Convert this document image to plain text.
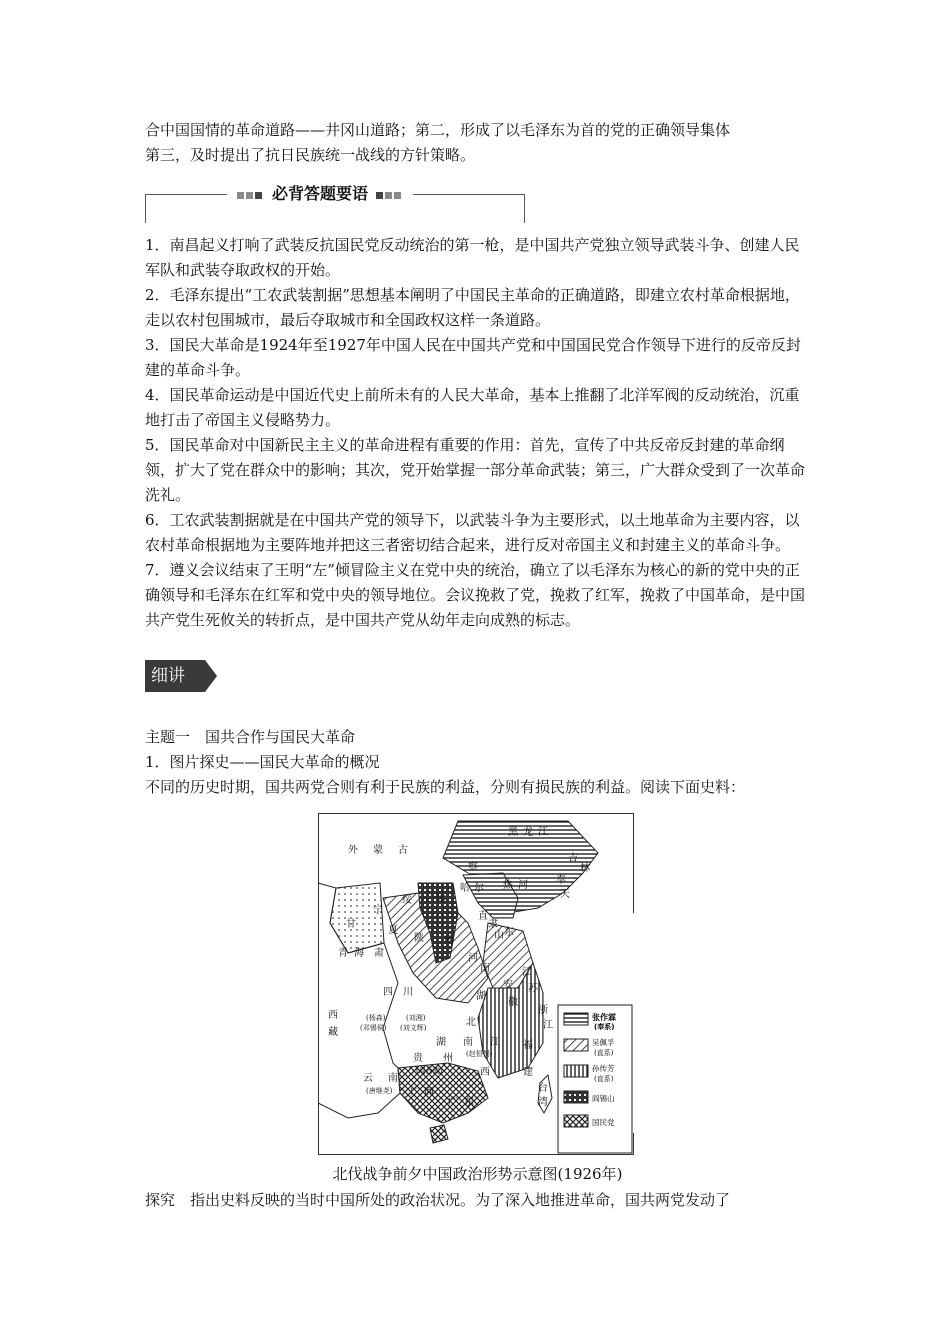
合中国国情的革命道路——井冈山道路；第二，形成了以毛泽东为首的党的正确领导集体
第三，及时提出了抗日民族统一战线的方针策略。
必背答题要语

1．南昌起义打响了武装反抗国民党反动统治的第一枪，是中国共产党独立领导武装斗争、创建人民军队和武装夺取政权的开始。

2．毛泽东提出“工农武装割据”思想基本阐明了中国民主革命的正确道路，即建立农村革命根据地，走以农村包围城市，最后夺取城市和全国政权这样一条道路。

3．国民大革命是1924年至1927年中国人民在中国共产党和中国国民党合作领导下进行的反帝反封建的革命斗争。

4．国民革命运动是中国近代史上前所未有的人民大革命，基本上推翻了北洋军阀的反动统治，沉重地打击了帝国主义侵略势力。

5．国民革命对中国新民主主义的革命进程有重要的作用：首先，宣传了中共反帝反封建的革命纲领，扩大了党在群众中的影响；其次，党开始掌握一部分革命武装；第三，广大群众受到了一次革命洗礼。

6．工农武装割据就是在中国共产党的领导下，以武装斗争为主要形式，以土地革命为主要内容，以农村革命根据地为主要阵地并把这三者密切结合起来，进行反对帝国主义和封建主义的革命斗争。

7．遵义会议结束了王明“左”倾冒险主义在党中央的统治，确立了以毛泽东为核心的新的党中央的正确领导和毛泽东在红军和党中央的领导地位。会议挽救了党，挽救了红军，挽救了中国革命，是中国共产党生死攸关的转折点，是中国共产党从幼年走向成熟的标志。

细讲	核心考点
主题一　国共合作与国民大革命
1．图片探史——国民大革命的概况
不同的历史时期，国共两党合则有利于民族的利益，分则有损民族的利益。阅读下面史料：
外 蒙 古
黑 龙 江
吉
林
奉
天
察
哈 尔 热 河
绥 远
宁
夏
甘
肃
青 海
陕 西	山 东
河
南
直
隶
四 川
西
藏
湖
北
安
徽
江
苏
浙
江
湖 南 江
西
福
建
贵 州
云 南
广 西
广 东
台
湾
(杨森)	(刘湘)
(邓锡侯) (刘文辉)
(赵恒惕)
(周西成)
(唐继尧)
张作霖
(奉系)
吴佩孚
(直系)
孙传芳
(直系)
阎锡山
国民党
北伐战争前夕中国政治形势示意图(1926年)
探究　指出史料反映的当时中国所处的政治状况。为了深入地推进革命，国共两党发动了
